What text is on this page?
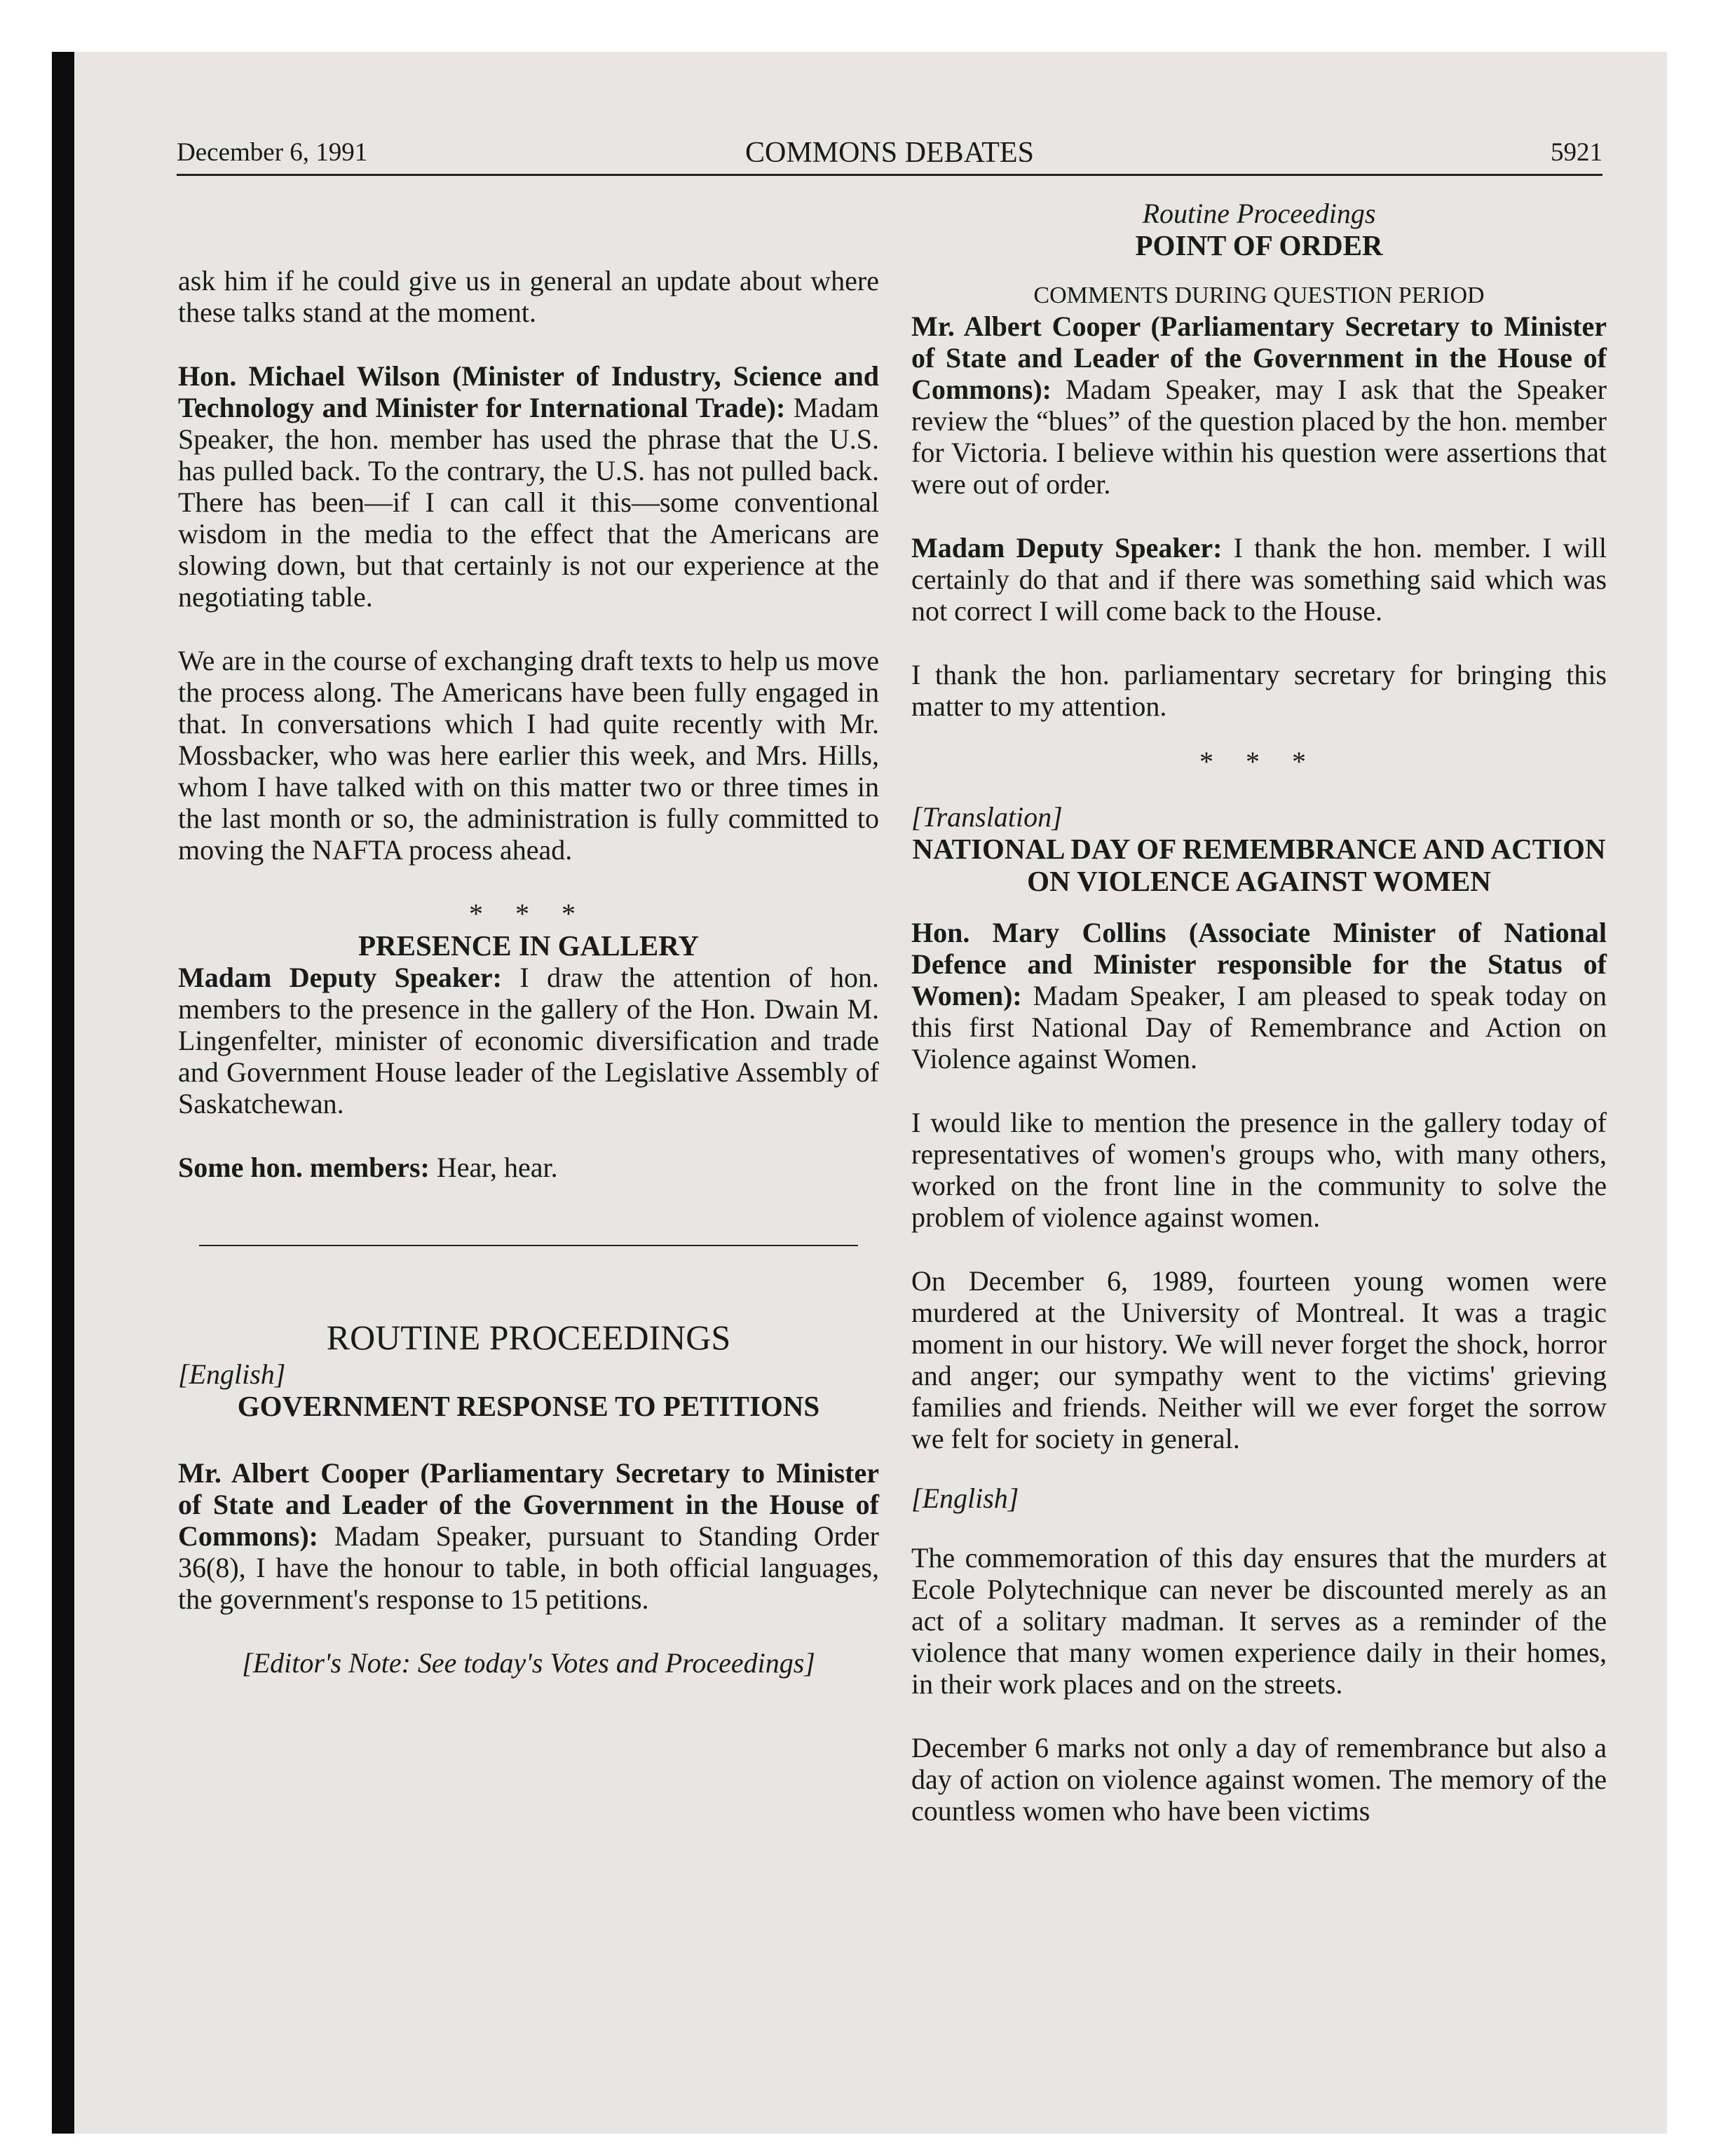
December 6, 1991	COMMONS DEBATES	5921

ask him if he could give us in general an update about where these talks stand at the moment.

Hon. Michael Wilson (Minister of Industry, Science and Technology and Minister for International Trade): Madam Speaker, the hon. member has used the phrase that the U.S. has pulled back. To the contrary, the U.S. has not pulled back. There has been—if I can call it this—some conventional wisdom in the media to the effect that the Americans are slowing down, but that certainly is not our experience at the negotiating table.

We are in the course of exchanging draft texts to help us move the process along. The Americans have been fully engaged in that. In conversations which I had quite recently with Mr. Mossbacker, who was here earlier this week, and Mrs. Hills, whom I have talked with on this matter two or three times in the last month or so, the administration is fully committed to moving the NAFTA process ahead.

* * *

PRESENCE IN GALLERY

Madam Deputy Speaker: I draw the attention of hon. members to the presence in the gallery of the Hon. Dwain M. Lingenfelter, minister of economic diversification and trade and Government House leader of the Legislative Assembly of Saskatchewan.

Some hon. members: Hear, hear.

ROUTINE PROCEEDINGS

[English]

GOVERNMENT RESPONSE TO PETITIONS

Mr. Albert Cooper (Parliamentary Secretary to Minister of State and Leader of the Government in the House of Commons): Madam Speaker, pursuant to Standing Order 36(8), I have the honour to table, in both official languages, the government's response to 15 petitions.

[Editor's Note: See today's Votes and Proceedings]

Routine Proceedings

POINT OF ORDER

COMMENTS DURING QUESTION PERIOD

Mr. Albert Cooper (Parliamentary Secretary to Minister of State and Leader of the Government in the House of Commons): Madam Speaker, may I ask that the Speaker review the “blues” of the question placed by the hon. member for Victoria. I believe within his question were assertions that were out of order.

Madam Deputy Speaker: I thank the hon. member. I will certainly do that and if there was something said which was not correct I will come back to the House.

I thank the hon. parliamentary secretary for bringing this matter to my attention.

* * *

[Translation]

NATIONAL DAY OF REMEMBRANCE AND ACTION ON VIOLENCE AGAINST WOMEN

Hon. Mary Collins (Associate Minister of National Defence and Minister responsible for the Status of Women): Madam Speaker, I am pleased to speak today on this first National Day of Remembrance and Action on Violence against Women.

I would like to mention the presence in the gallery today of representatives of women's groups who, with many others, worked on the front line in the community to solve the problem of violence against women.

On December 6, 1989, fourteen young women were murdered at the University of Montreal. It was a tragic moment in our history. We will never forget the shock, horror and anger; our sympathy went to the victims' grieving families and friends. Neither will we ever forget the sorrow we felt for society in general.

[English]

The commemoration of this day ensures that the murders at Ecole Polytechnique can never be discounted merely as an act of a solitary madman. It serves as a reminder of the violence that many women experience daily in their homes, in their work places and on the streets.

December 6 marks not only a day of remembrance but also a day of action on violence against women. The memory of the countless women who have been victims
